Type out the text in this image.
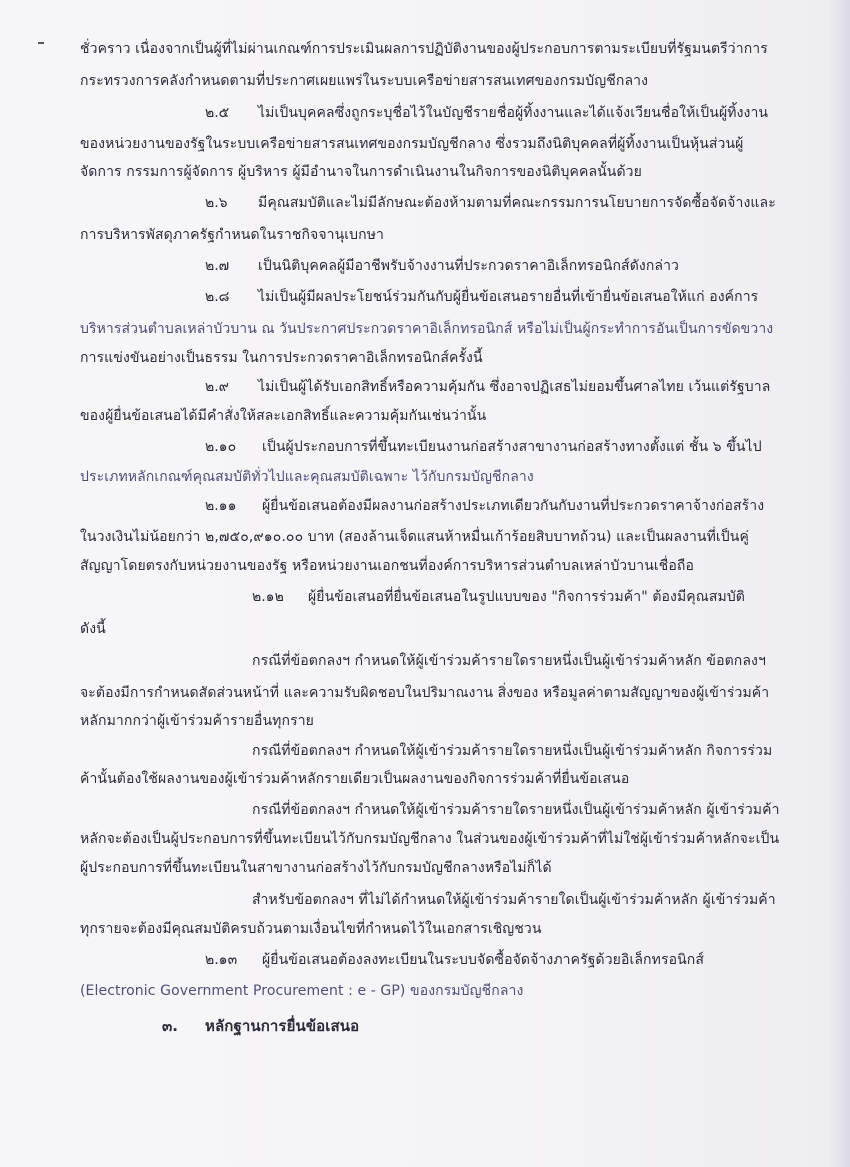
ชั่วคราว เนื่องจากเป็นผู้ที่ไม่ผ่านเกณฑ์การประเมินผลการปฏิบัติงานของผู้ประกอบการตามระเบียบที่รัฐมนตรีว่าการ
กระทรวงการคลังกำหนดตามที่ประกาศเผยแพร่ในระบบเครือข่ายสารสนเทศของกรมบัญชีกลาง
๒.๕ ไม่เป็นบุคคลซึ่งถูกระบุชื่อไว้ในบัญชีรายชื่อผู้ทิ้งงานและได้แจ้งเวียนชื่อให้เป็นผู้ทิ้งงาน
ของหน่วยงานของรัฐในระบบเครือข่ายสารสนเทศของกรมบัญชีกลาง ซึ่งรวมถึงนิติบุคคลที่ผู้ทิ้งงานเป็นหุ้นส่วนผู้
จัดการ กรรมการผู้จัดการ ผู้บริหาร ผู้มีอำนาจในการดำเนินงานในกิจการของนิติบุคคลนั้นด้วย
๒.๖ มีคุณสมบัติและไม่มีลักษณะต้องห้ามตามที่คณะกรรมการนโยบายการจัดซื้อจัดจ้างและ
การบริหารพัสดุภาครัฐกำหนดในราชกิจจานุเบกษา
๒.๗ เป็นนิติบุคคลผู้มีอาชีพรับจ้างงานที่ประกวดราคาอิเล็กทรอนิกส์ดังกล่าว
๒.๘ ไม่เป็นผู้มีผลประโยชน์ร่วมกันกับผู้ยื่นข้อเสนอรายอื่นที่เข้ายื่นข้อเสนอให้แก่ องค์การ
บริหารส่วนตำบลเหล่าบัวบาน ณ วันประกาศประกวดราคาอิเล็กทรอนิกส์ หรือไม่เป็นผู้กระทำการอันเป็นการขัดขวาง
การแข่งขันอย่างเป็นธรรม ในการประกวดราคาอิเล็กทรอนิกส์ครั้งนี้
๒.๙ ไม่เป็นผู้ได้รับเอกสิทธิ์หรือความคุ้มกัน ซึ่งอาจปฏิเสธไม่ยอมขึ้นศาลไทย เว้นแต่รัฐบาล
ของผู้ยื่นข้อเสนอได้มีคำสั่งให้สละเอกสิทธิ์และความคุ้มกันเช่นว่านั้น
๒.๑๐ เป็นผู้ประกอบการที่ขึ้นทะเบียนงานก่อสร้างสาขางานก่อสร้างทางตั้งแต่ ชั้น ๖ ขึ้นไป
ประเภทหลักเกณฑ์คุณสมบัติทั่วไปและคุณสมบัติเฉพาะ ไว้กับกรมบัญชีกลาง
๒.๑๑ ผู้ยื่นข้อเสนอต้องมีผลงานก่อสร้างประเภทเดียวกันกับงานที่ประกวดราคาจ้างก่อสร้าง
ในวงเงินไม่น้อยกว่า ๒,๗๕๐,๙๑๐.๐๐ บาท (สองล้านเจ็ดแสนห้าหมื่นเก้าร้อยสิบบาทถ้วน) และเป็นผลงานที่เป็นคู่
สัญญาโดยตรงกับหน่วยงานของรัฐ หรือหน่วยงานเอกชนที่องค์การบริหารส่วนตำบลเหล่าบัวบานเชื่อถือ
๒.๑๒ ผู้ยื่นข้อเสนอที่ยื่นข้อเสนอในรูปแบบของ "กิจการร่วมค้า" ต้องมีคุณสมบัติ
ดังนี้
กรณีที่ข้อตกลงฯ กำหนดให้ผู้เข้าร่วมค้ารายใดรายหนึ่งเป็นผู้เข้าร่วมค้าหลัก ข้อตกลงฯ
จะต้องมีการกำหนดสัดส่วนหน้าที่ และความรับผิดชอบในปริมาณงาน สิ่งของ หรือมูลค่าตามสัญญาของผู้เข้าร่วมค้า
หลักมากกว่าผู้เข้าร่วมค้ารายอื่นทุกราย
กรณีที่ข้อตกลงฯ กำหนดให้ผู้เข้าร่วมค้ารายใดรายหนึ่งเป็นผู้เข้าร่วมค้าหลัก กิจการร่วม
ค้านั้นต้องใช้ผลงานของผู้เข้าร่วมค้าหลักรายเดียวเป็นผลงานของกิจการร่วมค้าที่ยื่นข้อเสนอ
กรณีที่ข้อตกลงฯ กำหนดให้ผู้เข้าร่วมค้ารายใดรายหนึ่งเป็นผู้เข้าร่วมค้าหลัก ผู้เข้าร่วมค้า
หลักจะต้องเป็นผู้ประกอบการที่ขึ้นทะเบียนไว้กับกรมบัญชีกลาง ในส่วนของผู้เข้าร่วมค้าที่ไม่ใช่ผู้เข้าร่วมค้าหลักจะเป็น
ผู้ประกอบการที่ขึ้นทะเบียนในสาขางานก่อสร้างไว้กับกรมบัญชีกลางหรือไม่ก็ได้
สำหรับข้อตกลงฯ ที่ไม่ได้กำหนดให้ผู้เข้าร่วมค้ารายใดเป็นผู้เข้าร่วมค้าหลัก ผู้เข้าร่วมค้า
ทุกรายจะต้องมีคุณสมบัติครบถ้วนตามเงื่อนไขที่กำหนดไว้ในเอกสารเชิญชวน
๒.๑๓ ผู้ยื่นข้อเสนอต้องลงทะเบียนในระบบจัดซื้อจัดจ้างภาครัฐด้วยอิเล็กทรอนิกส์
(Electronic Government Procurement : e - GP) ของกรมบัญชีกลาง
๓. หลักฐานการยื่นข้อเสนอ
